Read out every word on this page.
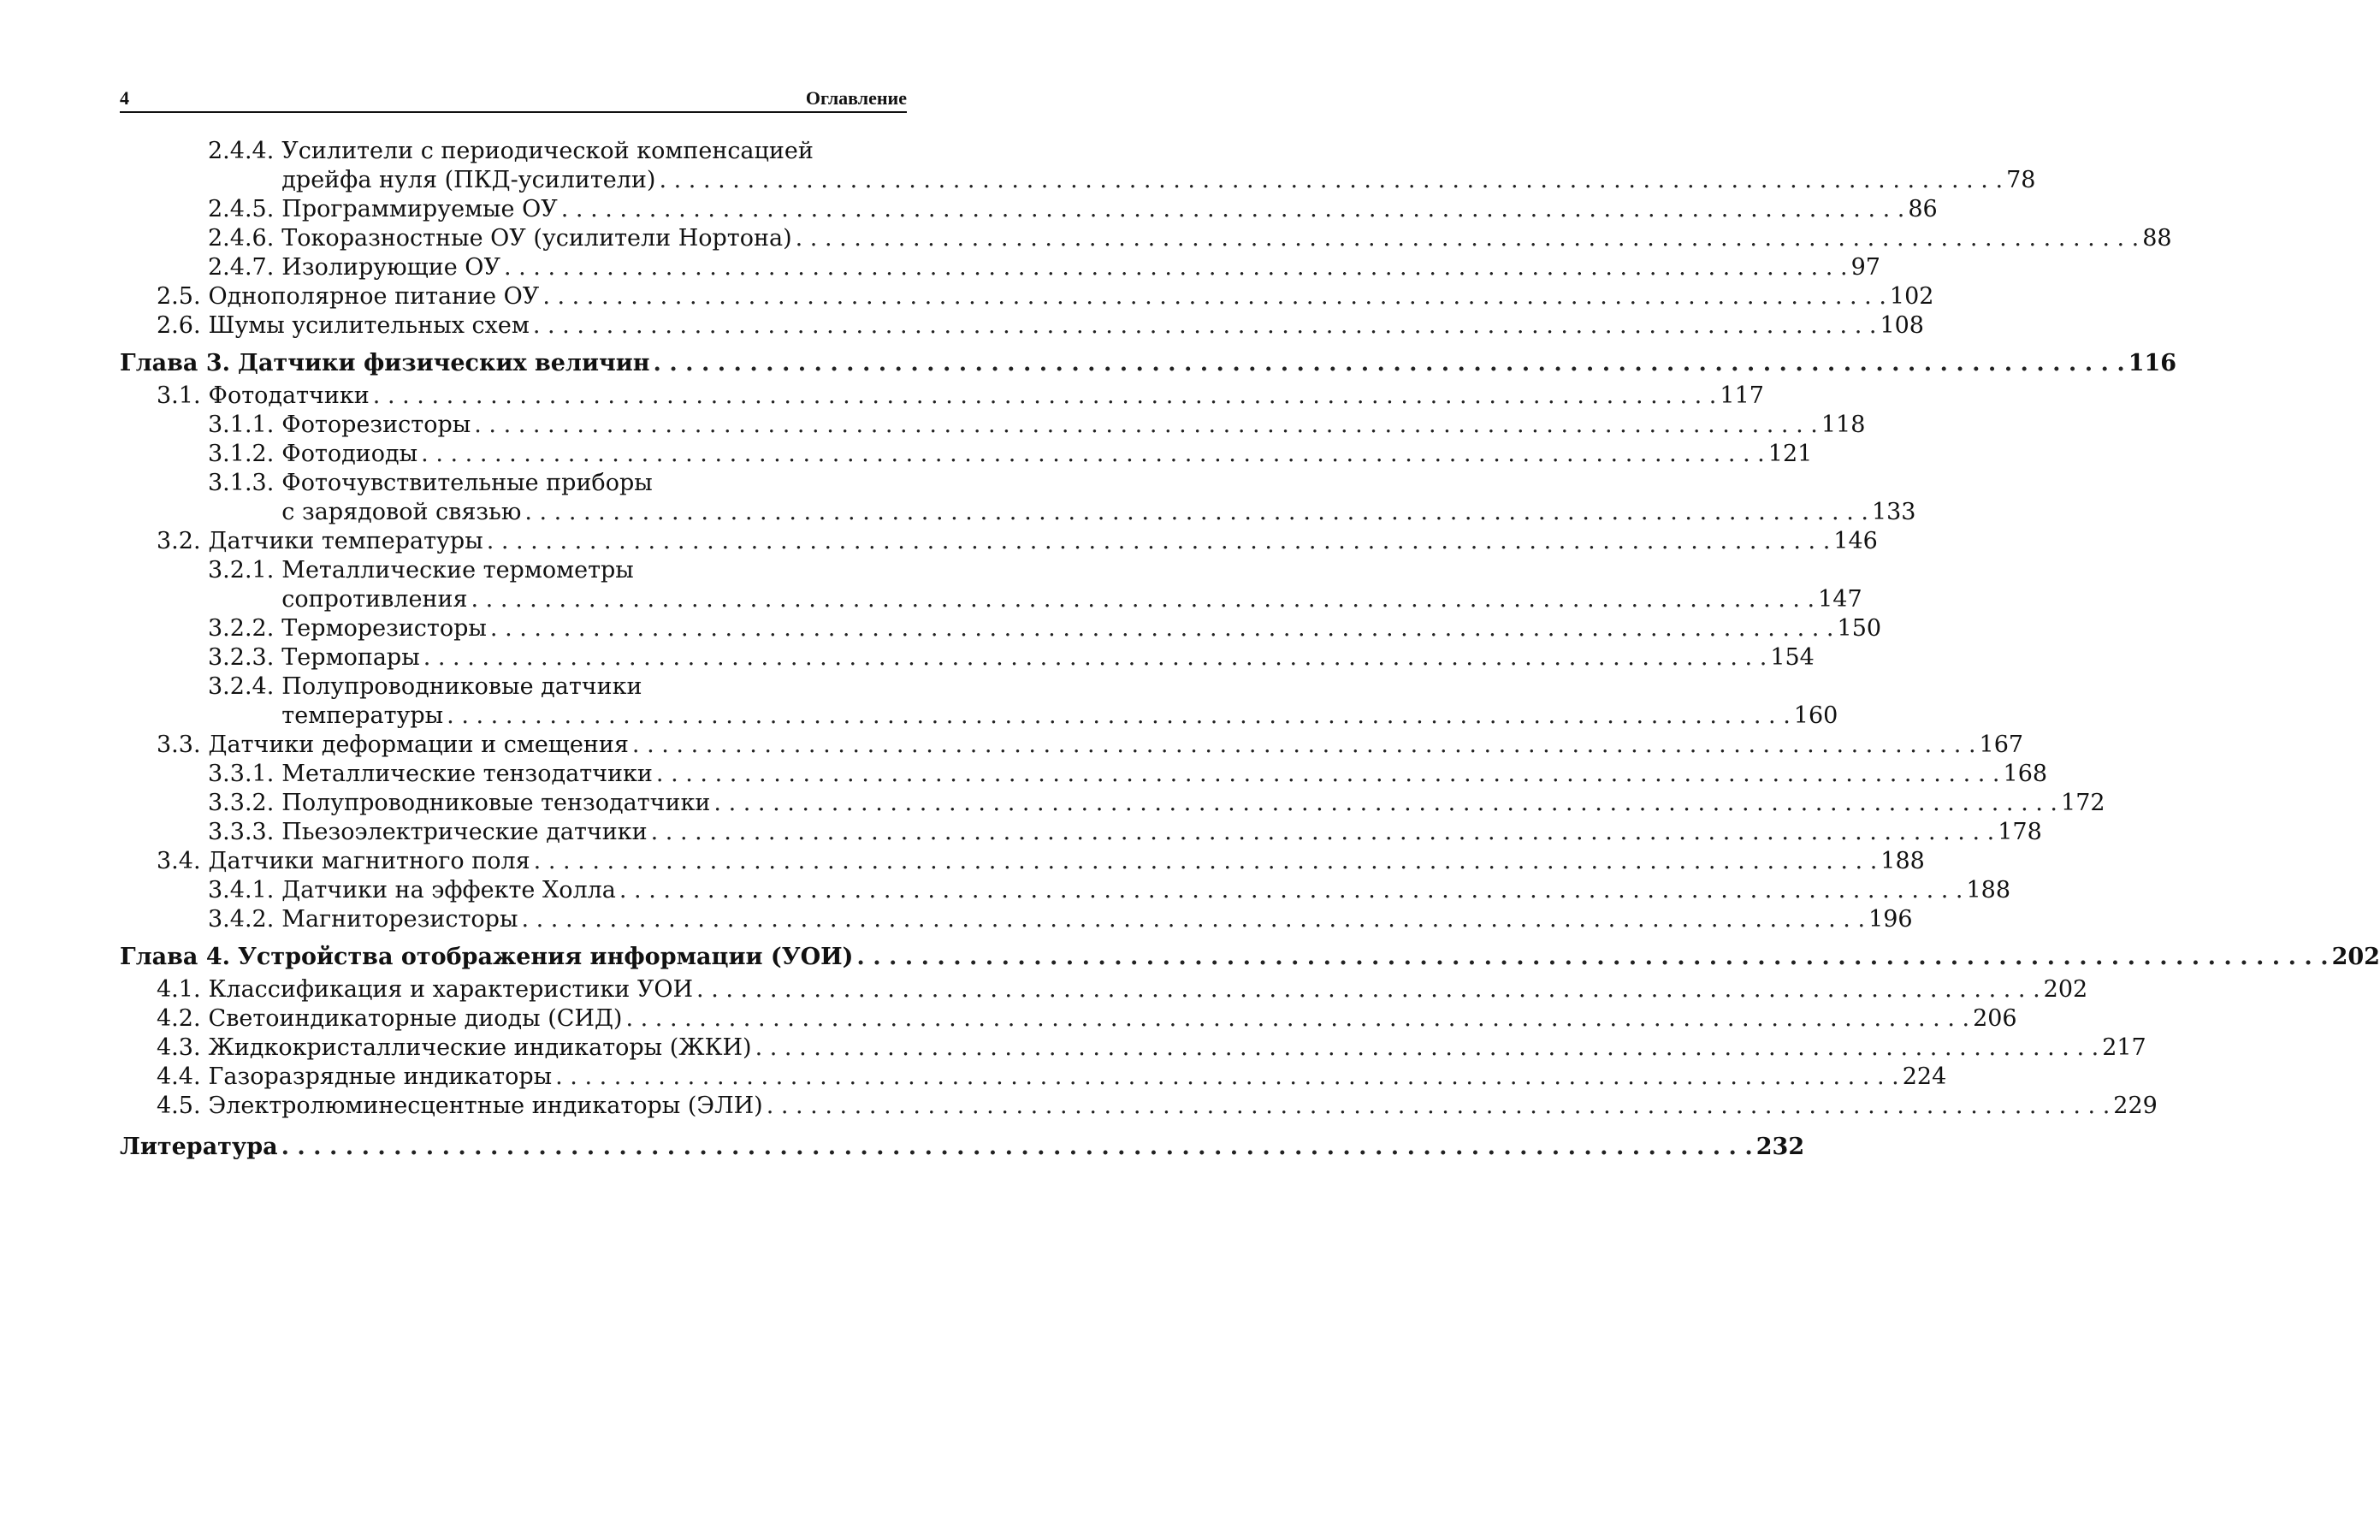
4	Оглавление
2.4.4. Усилители с периодической компенсацией
дрейфа нуля (ПКД-усилители) . . .	78
2.4.5. Программируемые ОУ . . .	86
2.4.6. Токоразностные ОУ (усилители Нортона) . . .	88
2.4.7. Изолирующие ОУ . . .	97
2.5. Однополярное питание ОУ . . .	102
2.6. Шумы усилительных схем . . .	108
Глава 3. Датчики физических величин . . .	116
3.1. Фотодатчики . . .	117
3.1.1. Фоторезисторы . . .	118
3.1.2. Фотодиоды . . .	121
3.1.3. Фоточувствительные приборы
с зарядовой связью . . .	133
3.2. Датчики температуры . . .	146
3.2.1. Металлические термометры
сопротивления . . .	147
3.2.2. Терморезисторы . . .	150
3.2.3. Термопары . . .	154
3.2.4. Полупроводниковые датчики
температуры . . .	160
3.3. Датчики деформации и смещения . . .	167
3.3.1. Металлические тензодатчики . . .	168
3.3.2. Полупроводниковые тензодатчики . . .	172
3.3.3. Пьезоэлектрические датчики . . .	178
3.4. Датчики магнитного поля . . .	188
3.4.1. Датчики на эффекте Холла . . .	188
3.4.2. Магниторезисторы . . .	196
Глава 4. Устройства отображения информации (УОИ) . . .	202
4.1. Классификация и характеристики УОИ . . .	202
4.2. Светоиндикаторные диоды (СИД) . . .	206
4.3. Жидкокристаллические индикаторы (ЖКИ) . . .	217
4.4. Газоразрядные индикаторы . . .	224
4.5. Электролюминесцентные индикаторы (ЭЛИ) . . .	229
Литература . . .	232
